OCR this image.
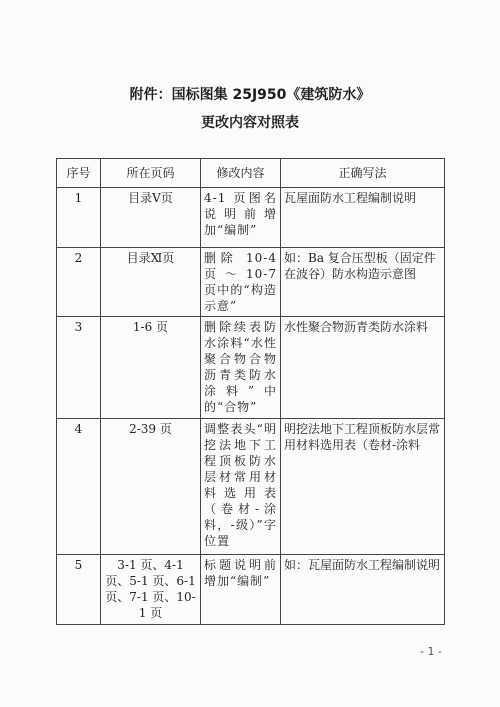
附件：国标图集 25J950《建筑防水》
更改内容对照表
序号	所在页码	修改内容	正确写法
1	目录Ⅴ页	4-1 页图名说明前增加“编制”	瓦屋面防水工程编制说明
2	目录Ⅺ页	删除 10-4 页 ～ 10-7 页中的“构造示意”	如：Ba 复合压型板（固定件在波谷）防水构造示意图
3	1-6 页	删除续表防水涂料“水性聚合物合物沥青类防水涂料”中的“合物”	水性聚合物沥青类防水涂料
4	2-39 页	调整表头“明挖法地下工程顶板防水层材常用材料选用表（卷材-涂料，-级）”字位置	明挖法地下工程顶板防水层常用材料选用表（卷材-涂料
5	3-1 页、4-1 页、5-1 页、6-1 页、7-1 页、10-1 页	标题说明前增加“编制”	如：瓦屋面防水工程编制说明
- 1 -
